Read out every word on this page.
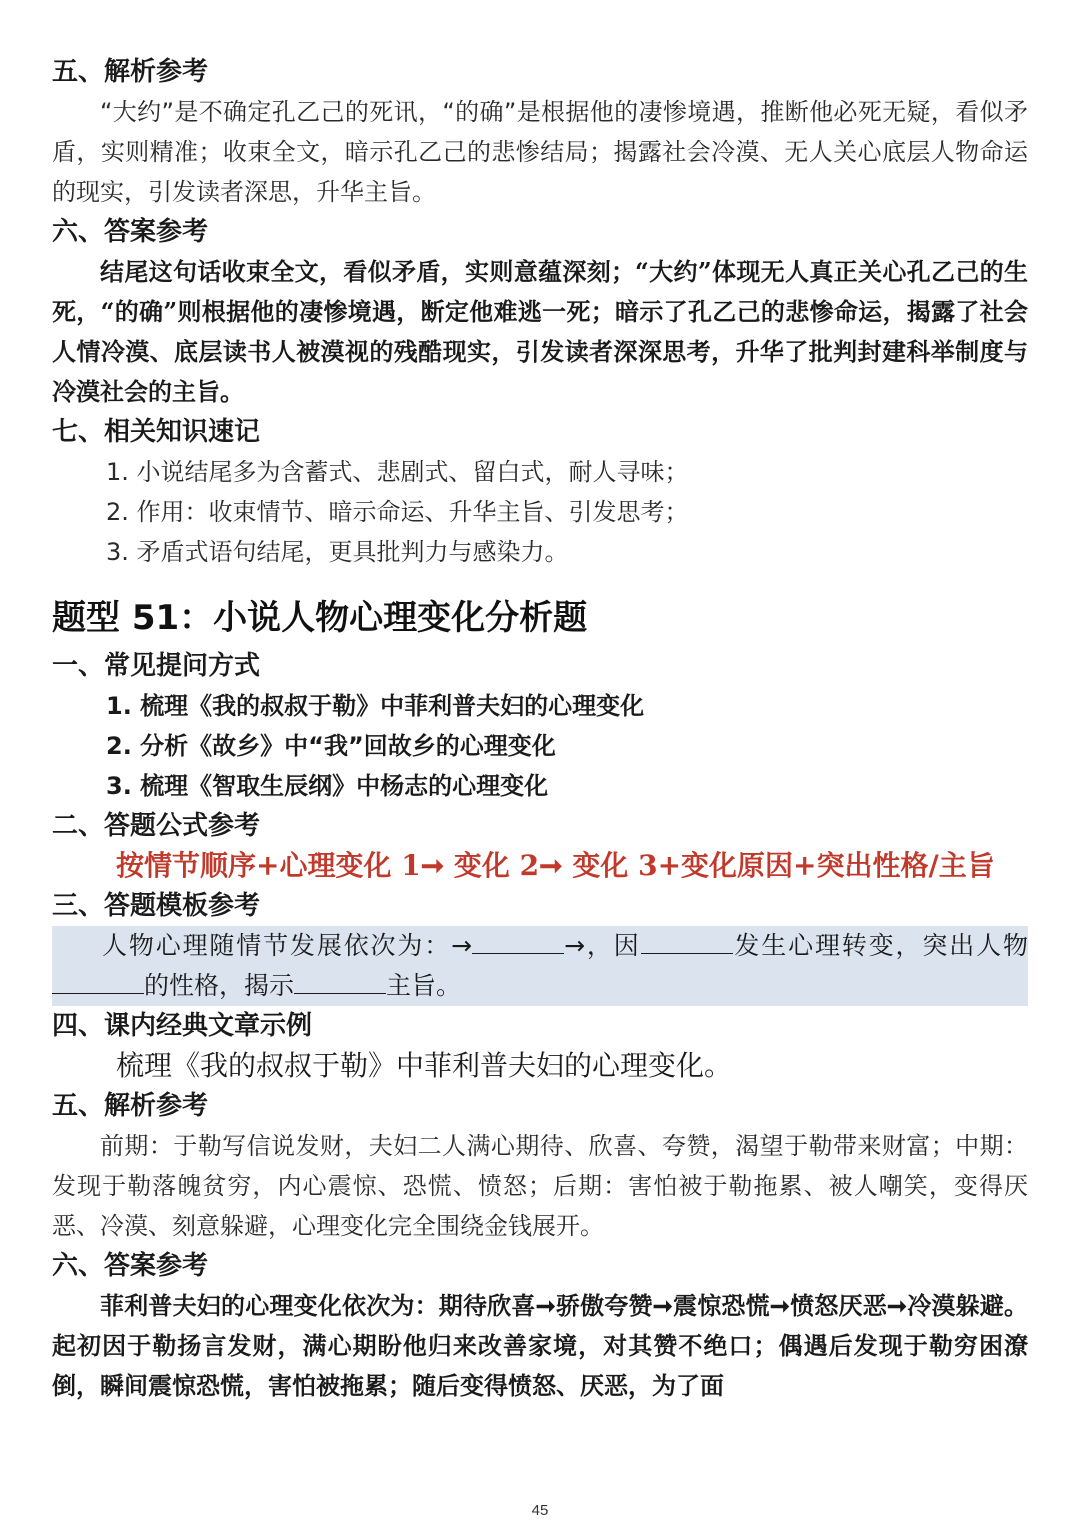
五、解析参考
“大约”是不确定孔乙己的死讯，“的确”是根据他的凄惨境遇，推断他必死无疑，看似矛盾，实则精准；收束全文，暗示孔乙己的悲惨结局；揭露社会冷漠、无人关心底层人物命运的现实，引发读者深思，升华主旨。
六、答案参考
结尾这句话收束全文，看似矛盾，实则意蕴深刻；“大约”体现无人真正关心孔乙己的生死，“的确”则根据他的凄惨境遇，断定他难逃一死；暗示了孔乙己的悲惨命运，揭露了社会人情冷漠、底层读书人被漠视的残酷现实，引发读者深深思考，升华了批判封建科举制度与冷漠社会的主旨。
七、相关知识速记
1. 小说结尾多为含蓄式、悲剧式、留白式，耐人寻味；
2. 作用：收束情节、暗示命运、升华主旨、引发思考；
3. 矛盾式语句结尾，更具批判力与感染力。
题型 51：小说人物心理变化分析题
一、常见提问方式
1. 梳理《我的叔叔于勒》中菲利普夫妇的心理变化
2. 分析《故乡》中“我”回故乡的心理变化
3. 梳理《智取生辰纲》中杨志的心理变化
二、答题公式参考
按情节顺序+心理变化 1➞ 变化 2➞ 变化 3+变化原因+突出性格/主旨
三、答题模板参考
人物心理随情节发展依次为：→	→，因	发生心理转变，突出人物的性格，揭示	主旨。
四、课内经典文章示例
梳理《我的叔叔于勒》中菲利普夫妇的心理变化。
五、解析参考
前期：于勒写信说发财，夫妇二人满心期待、欣喜、夸赞，渴望于勒带来财富；中期：发现于勒落魄贫穷，内心震惊、恐慌、愤怒；后期：害怕被于勒拖累、被人嘲笑，变得厌恶、冷漠、刻意躲避，心理变化完全围绕金钱展开。
六、答案参考
菲利普夫妇的心理变化依次为：期待欣喜➞骄傲夸赞➞震惊恐慌➞愤怒厌恶➞冷漠躲避。起初因于勒扬言发财，满心期盼他归来改善家境，对其赞不绝口；偶遇后发现于勒穷困潦倒，瞬间震惊恐慌，害怕被拖累；随后变得愤怒、厌恶，为了面
45
